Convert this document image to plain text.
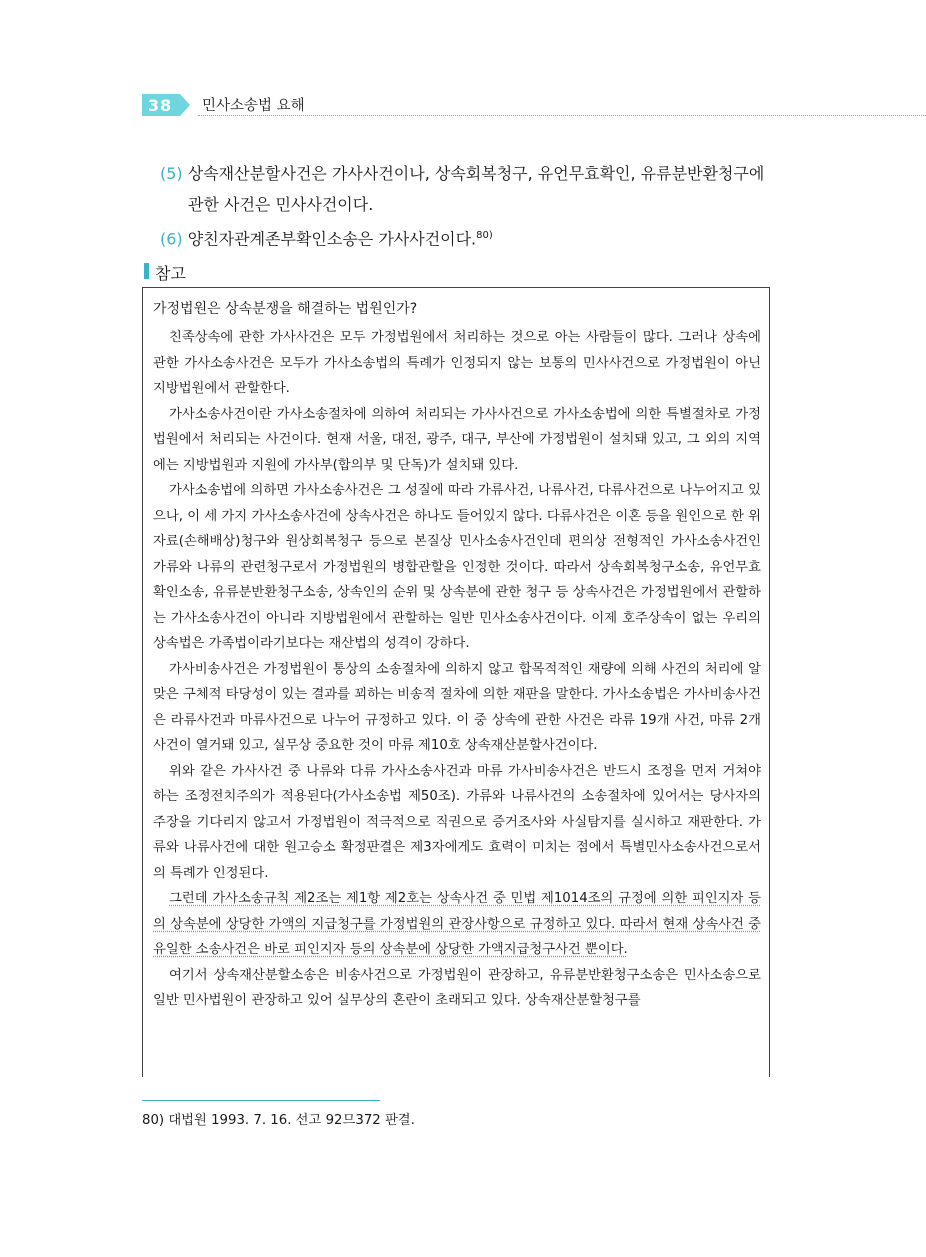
38 민사소송법 요해
(5) 상속재산분할사건은 가사사건이나, 상속회복청구, 유언무효확인, 유류분반환청구에
관한 사건은 민사사건이다.
(6) 양친자관계존부확인소송은 가사사건이다.$^{80)}$
참고
가정법원은 상속분쟁을 해결하는 법원인가?

친족상속에 관한 가사사건은 모두 가정법원에서 처리하는 것으로 아는 사람들이 많다. 그러나 상속에 관한 가사소송사건은 모두가 가사소송법의 특례가 인정되지 않는 보통의 민사사건으로 가정법원이 아닌 지방법원에서 관할한다.

가사소송사건이란 가사소송절차에 의하여 처리되는 가사사건으로 가사소송법에 의한 특별절차로 가정법원에서 처리되는 사건이다. 현재 서울, 대전, 광주, 대구, 부산에 가정법원이 설치돼 있고, 그 외의 지역에는 지방법원과 지원에 가사부(합의부 및 단독)가 설치돼 있다.

가사소송법에 의하면 가사소송사건은 그 성질에 따라 가류사건, 나류사건, 다류사건으로 나누어지고 있으나, 이 세 가지 가사소송사건에 상속사건은 하나도 들어있지 않다. 다류사건은 이혼 등을 원인으로 한 위자료(손해배상)청구와 원상회복청구 등으로 본질상 민사소송사건인데 편의상 전형적인 가사소송사건인 가류와 나류의 관련청구로서 가정법원의 병합관할을 인정한 것이다. 따라서 상속회복청구소송, 유언무효확인소송, 유류분반환청구소송, 상속인의 순위 및 상속분에 관한 청구 등 상속사건은 가정법원에서 관할하는 가사소송사건이 아니라 지방법원에서 관할하는 일반 민사소송사건이다. 이제 호주상속이 없는 우리의 상속법은 가족법이라기보다는 재산법의 성격이 강하다.

가사비송사건은 가정법원이 통상의 소송절차에 의하지 않고 합목적적인 재량에 의해 사건의 처리에 알맞은 구체적 타당성이 있는 결과를 꾀하는 비송적 절차에 의한 재판을 말한다. 가사소송법은 가사비송사건은 라류사건과 마류사건으로 나누어 규정하고 있다. 이 중 상속에 관한 사건은 라류 19개 사건, 마류 2개 사건이 열거돼 있고, 실무상 중요한 것이 마류 제10호 상속재산분할사건이다.

위와 같은 가사사건 중 나류와 다류 가사소송사건과 마류 가사비송사건은 반드시 조정을 먼저 거쳐야 하는 조정전치주의가 적용된다(가사소송법 제50조). 가류와 나류사건의 소송절차에 있어서는 당사자의 주장을 기다리지 않고서 가정법원이 적극적으로 직권으로 증거조사와 사실탐지를 실시하고 재판한다. 가류와 나류사건에 대한 원고승소 확정판결은 제3자에게도 효력이 미치는 점에서 특별민사소송사건으로서의 특례가 인정된다.

그런데 가사소송규칙 제2조는 제1항 제2호는 상속사건 중 민법 제1014조의 규정에 의한 피인지자 등의 상속분에 상당한 가액의 지급청구를 가정법원의 관장사항으로 규정하고 있다. 따라서 현재 상속사건 중 유일한 소송사건은 바로 피인지자 등의 상속분에 상당한 가액지급청구사건 뿐이다.

여기서 상속재산분할소송은 비송사건으로 가정법원이 관장하고, 유류분반환청구소송은 민사소송으로 일반 민사법원이 관장하고 있어 실무상의 혼란이 초래되고 있다. 상속재산분할청구를

80) 대법원 1993. 7. 16. 선고 92므372 판결.
